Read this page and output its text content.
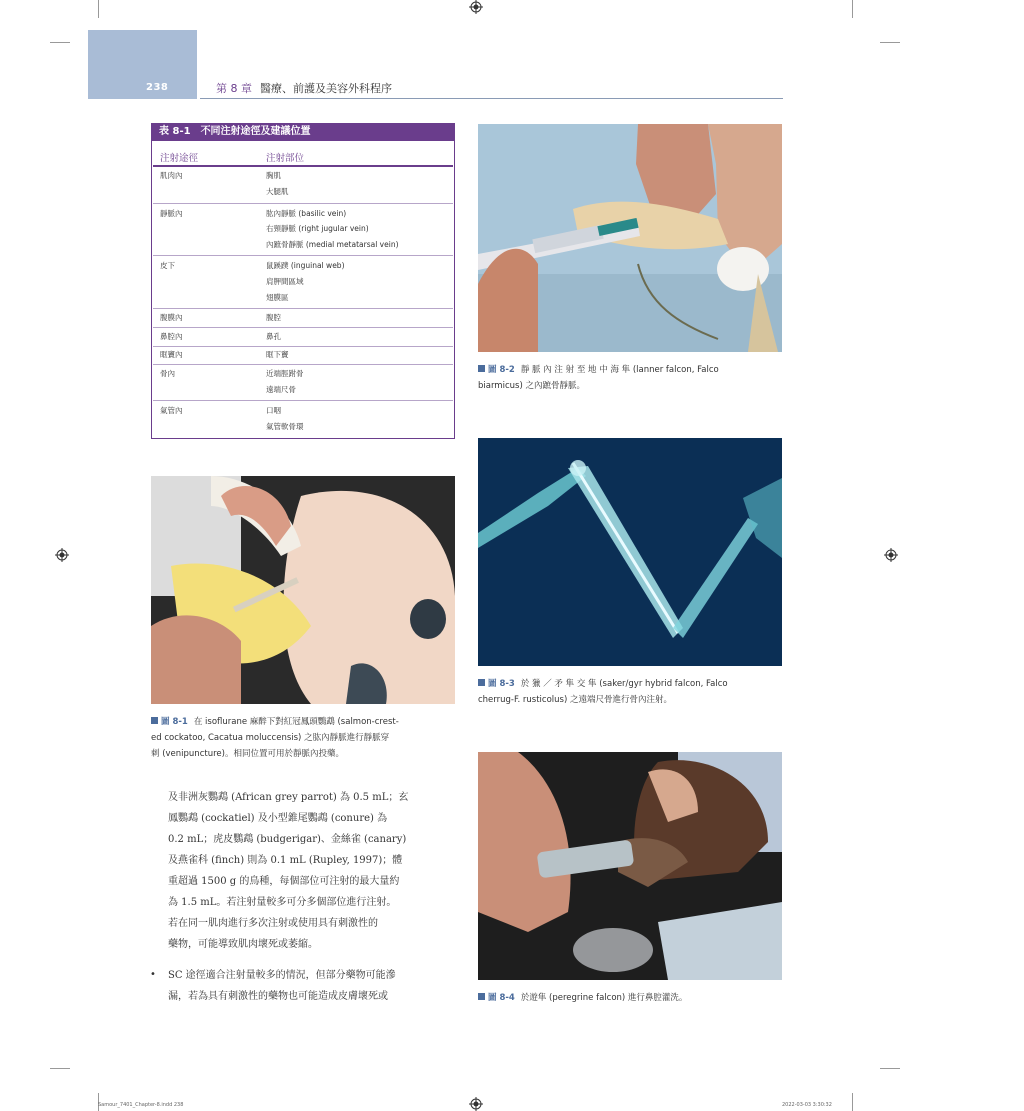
238	第 8 章 醫療、前護及美容外科程序
表 8-1 不同注射途徑及建議位置
注射途徑	注射部位
肌肉內	胸肌
大腿肌
靜脈內	肱內靜脈 (basilic vein)
右頸靜脈 (right jugular vein)
內蹠骨靜脈 (medial metatarsal vein)
皮下	鼠蹊蹼 (inguinal web)
肩胛間區域
翅膜區
腹膜內	腹腔
鼻腔內	鼻孔
眶竇內	眶下竇
骨內	近端脛跗骨
遠端尺骨
氣管內	口咽
氣管軟骨環
圖 8-2 靜 脈 內 注 射 至 地 中 海 隼 (lanner falcon, Falco
biarmicus) 之內蹠骨靜脈。
圖 8-3 於 獵 ／ 矛 隼 交 隼 (saker/gyr hybrid falcon, Falco
cherrug-F. rusticolus) 之遠端尺骨進行骨內注射。
圖 8-1 在 isoflurane 麻醉下對紅冠鳳頭鸚鵡 (salmon-crest-
ed cockatoo, Cacatua moluccensis) 之肱內靜脈進行靜脈穿
刺 (venipuncture)。相同位置可用於靜脈內投藥。
圖 8-4 於遊隼 (peregrine falcon) 進行鼻腔灌洗。
及非洲灰鸚鵡 (African grey parrot) 為 0.5 mL；玄
鳳鸚鵡 (cockatiel) 及小型錐尾鸚鵡 (conure) 為
0.2 mL；虎皮鸚鵡 (budgerigar)、金絲雀 (canary)
及燕雀科 (finch) 則為 0.1 mL (Rupley, 1997)；體
重超過 1500 g 的鳥種，每個部位可注射的最大量約
為 1.5 mL。若注射量較多可分多個部位進行注射。
若在同一肌肉進行多次注射或使用具有刺激性的
藥物，可能導致肌肉壞死或萎縮。
• SC 途徑適合注射量較多的情況，但部分藥物可能滲
漏，若為具有刺激性的藥物也可能造成皮膚壞死或
Samour_7401_Chapter-8.indd 238	2022-03-03 3:30:32
